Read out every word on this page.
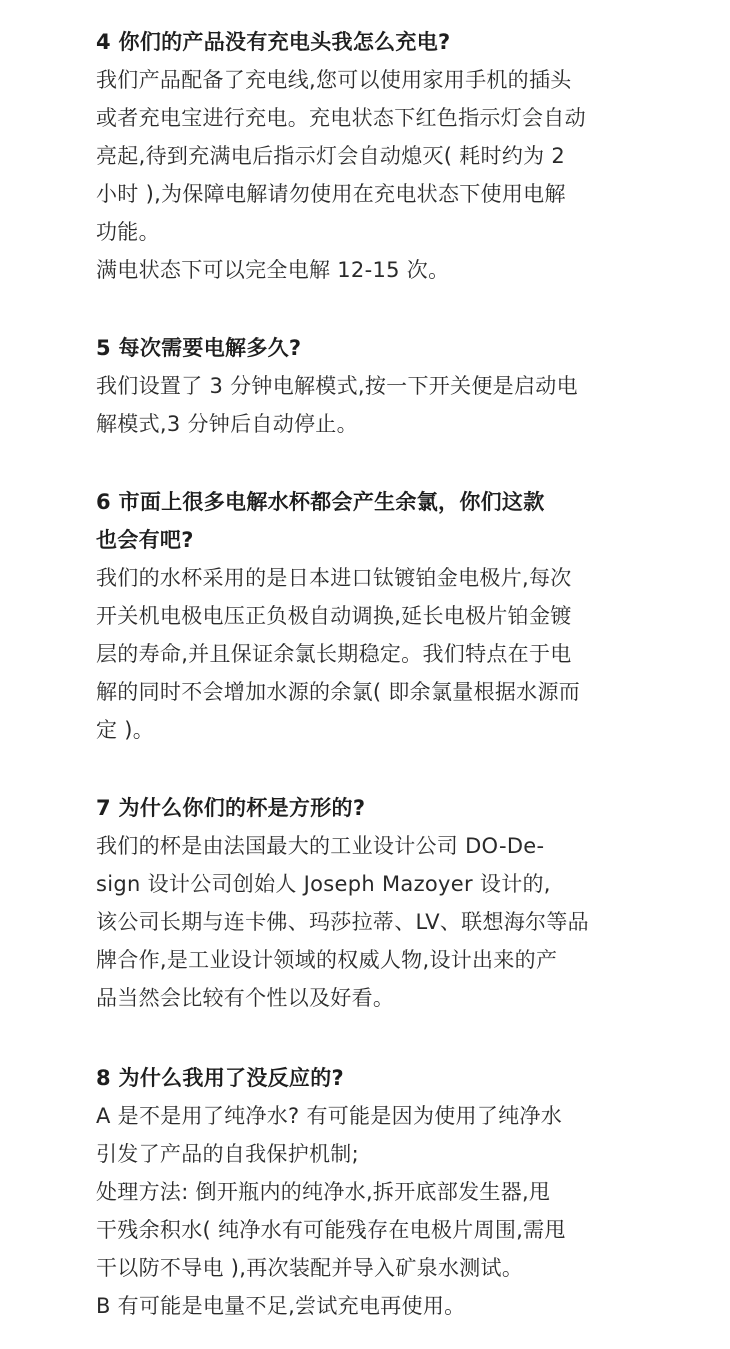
4 你们的产品没有充电头我怎么充电?
我们产品配备了充电线,您可以使用家用手机的插头
或者充电宝进行充电。充电状态下红色指示灯会自动
亮起,待到充满电后指示灯会自动熄灭( 耗时约为 2
小时 ),为保障电解请勿使用在充电状态下使用电解
功能。
满电状态下可以完全电解 12-15 次。
5 每次需要电解多久?
我们设置了 3 分钟电解模式,按一下开关便是启动电
解模式,3 分钟后自动停止。
6 市面上很多电解水杯都会产生余氯，你们这款
也会有吧?
我们的水杯采用的是日本进口钛镀铂金电极片,每次
开关机电极电压正负极自动调换,延长电极片铂金镀
层的寿命,并且保证余氯长期稳定。我们特点在于电
解的同时不会增加水源的余氯( 即余氯量根据水源而
定 )。
7 为什么你们的杯是方形的?
我们的杯是由法国最大的工业设计公司 DO-De-
sign 设计公司创始人 Joseph Mazoyer 设计的,
该公司长期与连卡佛、玛莎拉蒂、LV、联想海尔等品
牌合作,是工业设计领域的权威人物,设计出来的产
品当然会比较有个性以及好看。
8 为什么我用了没反应的?
A 是不是用了纯净水? 有可能是因为使用了纯净水
引发了产品的自我保护机制;
处理方法: 倒开瓶内的纯净水,拆开底部发生器,甩
干残余积水( 纯净水有可能残存在电极片周围,需甩
干以防不导电 ),再次装配并导入矿泉水测试。
B 有可能是电量不足,尝试充电再使用。
